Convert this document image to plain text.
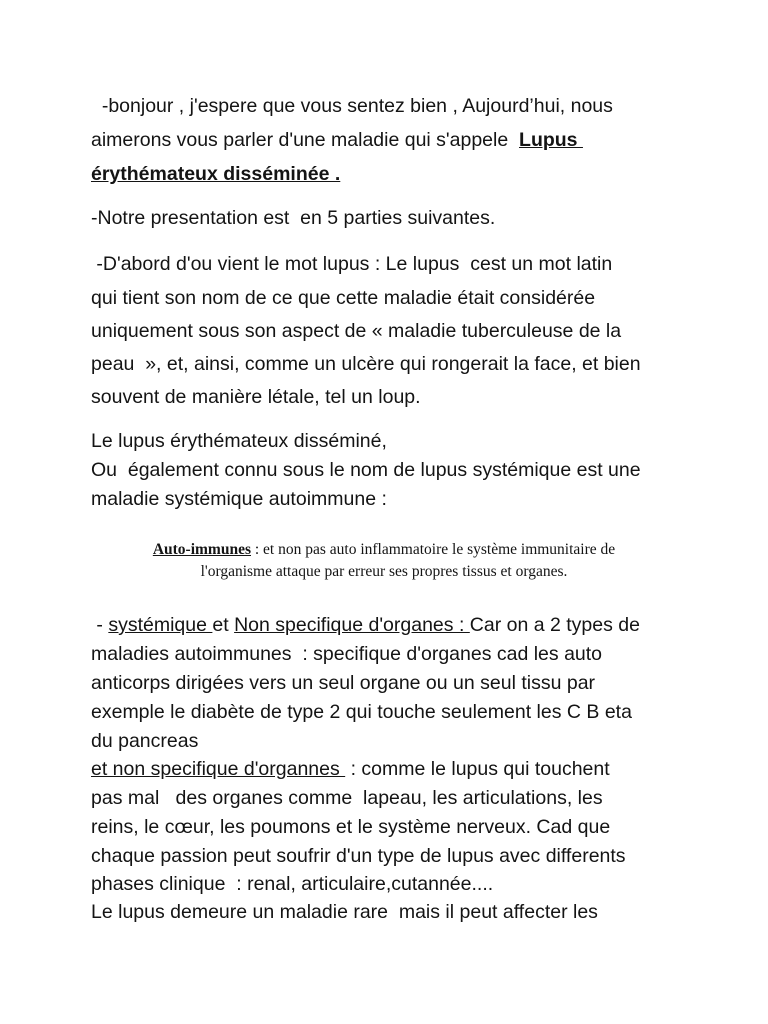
-bonjour , j'espere que vous sentez bien , Aujourd’hui, nous
aimerons vous parler d'une maladie qui s'appele  Lupus
érythémateux disséminée .
-Notre presentation est  en 5 parties suivantes.
-D'abord d'ou vient le mot lupus : Le lupus  cest un mot latin
qui tient son nom de ce que cette maladie était considérée
uniquement sous son aspect de « maladie tuberculeuse de la
peau  », et, ainsi, comme un ulcère qui rongerait la face, et bien
souvent de manière létale, tel un loup.
Le lupus érythémateux disséminé,
Ou  également connu sous le nom de lupus systémique est une
maladie systémique autoimmune :
Auto-immunes : et non pas auto inflammatoire le système immunitaire de
l'organisme attaque par erreur ses propres tissus et organes.
- systémique et Non specifique d'organes : Car on a 2 types de
maladies autoimmunes  : specifique d'organes cad les auto
anticorps dirigées vers un seul organe ou un seul tissu par
exemple le diabète de type 2 qui touche seulement les C B eta
du pancreas
et non specifique d'organnes  : comme le lupus qui touchent
pas mal   des organes comme  lapeau, les articulations, les
reins, le cœur, les poumons et le système nerveux. Cad que
chaque passion peut soufrir d'un type de lupus avec differents
phases clinique  : renal, articulaire,cutannée....
Le lupus demeure un maladie rare  mais il peut affecter les
